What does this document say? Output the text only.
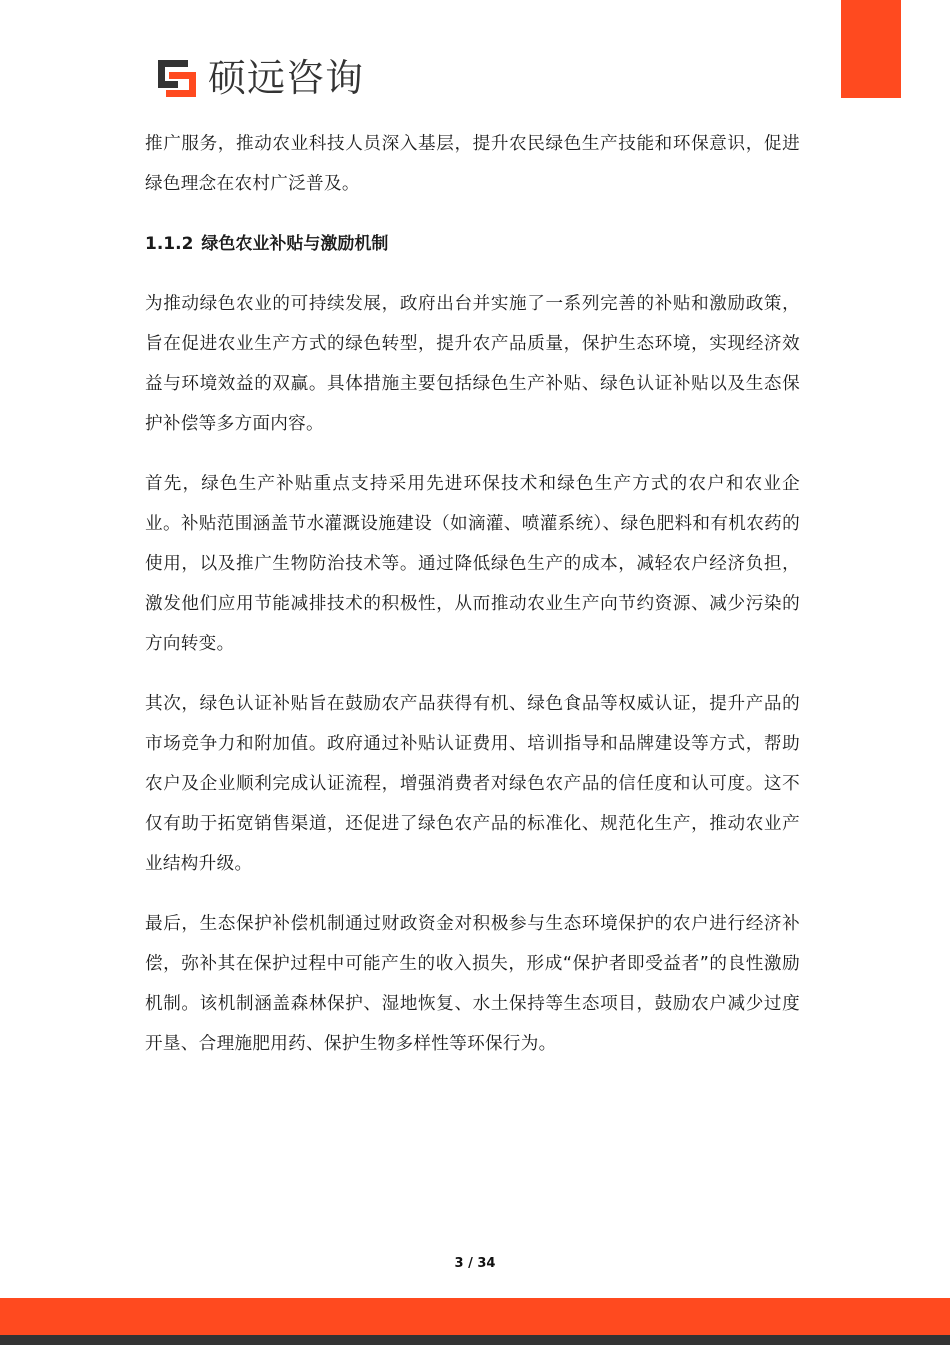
硕远咨询

推广服务，推动农业科技人员深入基层，提升农民绿色生产技能和环保意识，促进绿色理念在农村广泛普及。

1.1.2 绿色农业补贴与激励机制

为推动绿色农业的可持续发展，政府出台并实施了一系列完善的补贴和激励政策，旨在促进农业生产方式的绿色转型，提升农产品质量，保护生态环境，实现经济效益与环境效益的双赢。具体措施主要包括绿色生产补贴、绿色认证补贴以及生态保护补偿等多方面内容。

首先，绿色生产补贴重点支持采用先进环保技术和绿色生产方式的农户和农业企业。补贴范围涵盖节水灌溉设施建设（如滴灌、喷灌系统）、绿色肥料和有机农药的使用，以及推广生物防治技术等。通过降低绿色生产的成本，减轻农户经济负担，激发他们应用节能减排技术的积极性，从而推动农业生产向节约资源、减少污染的方向转变。

其次，绿色认证补贴旨在鼓励农产品获得有机、绿色食品等权威认证，提升产品的市场竞争力和附加值。政府通过补贴认证费用、培训指导和品牌建设等方式，帮助农户及企业顺利完成认证流程，增强消费者对绿色农产品的信任度和认可度。这不仅有助于拓宽销售渠道，还促进了绿色农产品的标准化、规范化生产，推动农业产业结构升级。

最后，生态保护补偿机制通过财政资金对积极参与生态环境保护的农户进行经济补偿，弥补其在保护过程中可能产生的收入损失，形成“保护者即受益者”的良性激励机制。该机制涵盖森林保护、湿地恢复、水土保持等生态项目，鼓励农户减少过度开垦、合理施肥用药、保护生物多样性等环保行为。

3 / 34
